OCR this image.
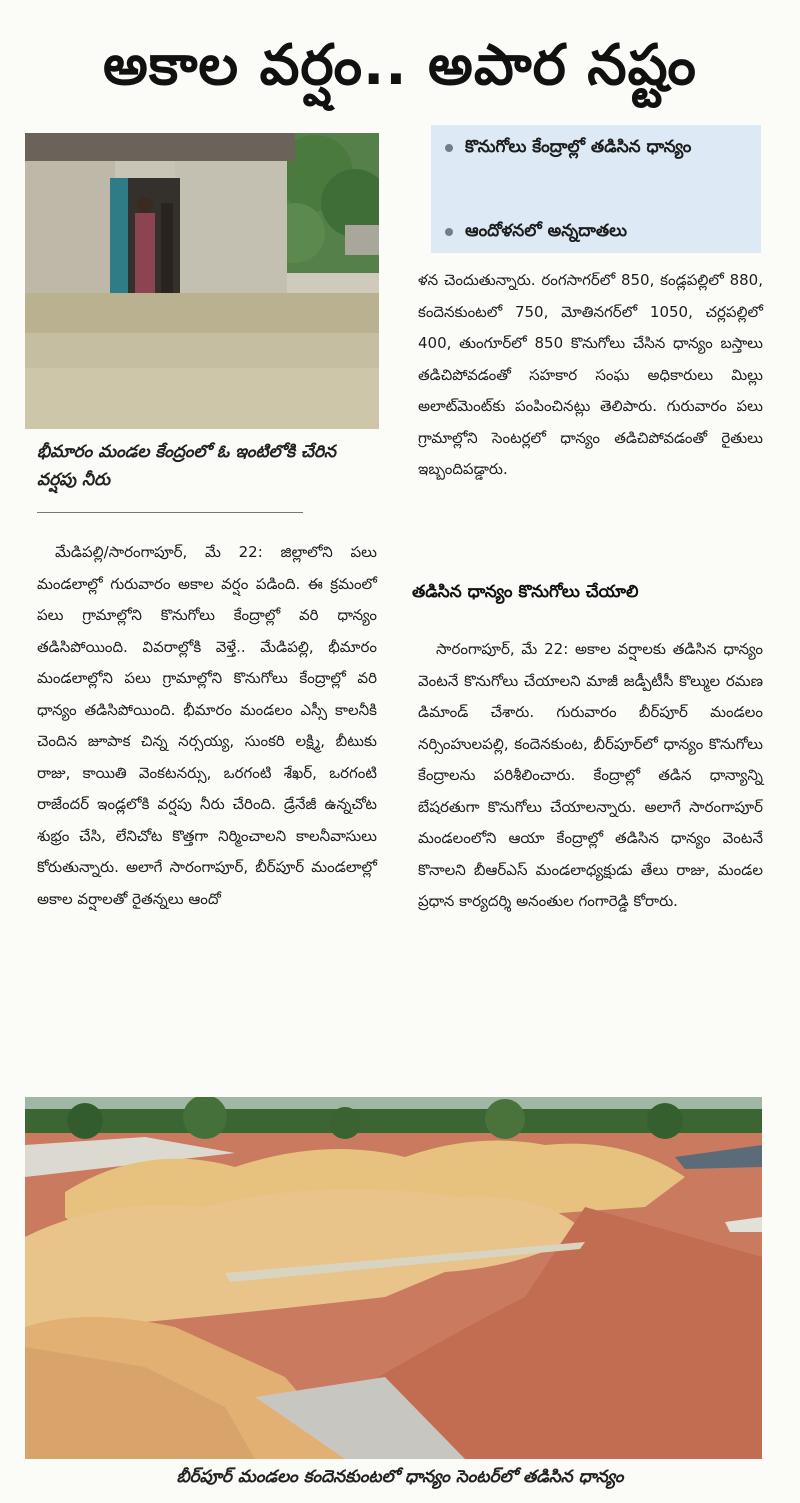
అకాల వర్షం.. అపార నష్టం
భీమారం మండల కేంద్రంలో ఓ ఇంటిలోకి చేరిన వర్షపు నీరు
కొనుగోలు కేంద్రాల్లో తడిసిన ధాన్యం
ఆందోళనలో అన్నదాతలు
మేడిపల్లి/సారంగాపూర్, మే 22: జిల్లాలోని పలు మండలాల్లో గురువారం అకాల వర్షం పడింది. ఈ క్రమంలో పలు గ్రామాల్లోని కొనుగోలు కేంద్రాల్లో వరి ధాన్యం తడిసిపోయింది. వివరాల్లోకి వెళ్తే.. మేడిపల్లి, భీమారం మండలాల్లోని పలు గ్రామాల్లోని కొనుగోలు కేంద్రాల్లో వరి ధాన్యం తడిసిపోయింది. భీమారం మండలం ఎస్సీ కాలనీకి చెందిన జూపాక చిన్న నర్సయ్య, సుంకరి లక్ష్మి, బీటుకు రాజు, కాయితి వెంకటనర్సు, ఒరగంటి శేఖర్, ఒరగంటి రాజేందర్ ఇండ్లలోకి వర్షపు నీరు చేరింది. డ్రేనేజీ ఉన్నచోట శుభ్రం చేసి, లేనిచోట కొత్తగా నిర్మించాలని కాలనీవాసులు కోరుతున్నారు. అలాగే సారంగాపూర్, బీర్‌పూర్ మండలాల్లో అకాల వర్షాలతో రైతన్నలు ఆందో
ళన చెందుతున్నారు. రంగసాగర్‌లో 850, కండ్లపల్లిలో 880, కందెనకుంటలో 750, మోతినగర్‌లో 1050, చర్లపల్లిలో 400, తుంగూర్‌లో 850 కొనుగోలు చేసిన ధాన్యం బస్తాలు తడిచిపోవడంతో సహకార సంఘ అధికారులు మిల్లు అలాట్‌మెంట్‌కు పంపించినట్లు తెలిపారు. గురువారం పలు గ్రామాల్లోని సెంటర్లలో ధాన్యం తడిచిపోవడంతో రైతులు ఇబ్బందిపడ్డారు.
తడిసిన ధాన్యం కొనుగోలు చేయాలి
సారంగాపూర్, మే 22: అకాల వర్షాలకు తడిసిన ధాన్యం వెంటనే కొనుగోలు చేయాలని మాజీ జడ్పీటీసీ కొల్ముల రమణ డిమాండ్ చేశారు. గురువారం బీర్‌పూర్ మండలం నర్సింహులపల్లి, కందెనకుంట, బీర్‌పూర్‌లో ధాన్యం కొనుగోలు కేంద్రాలను పరిశీలించారు. కేంద్రాల్లో తడిన ధాన్యాన్ని బేషరతుగా కొనుగోలు చేయాలన్నారు. అలాగే సారంగాపూర్ మండలంలోని ఆయా కేంద్రాల్లో తడిసిన ధాన్యం వెంటనే కొనాలని బీఆర్ఎస్ మండలాధ్యక్షుడు తేలు రాజు, మండల ప్రధాన కార్యదర్శి అనంతుల గంగారెడ్డి కోరారు.
బీర్‌పూర్ మండలం కందెనకుంటలో ధాన్యం సెంటర్‌లో తడిసిన ధాన్యం
